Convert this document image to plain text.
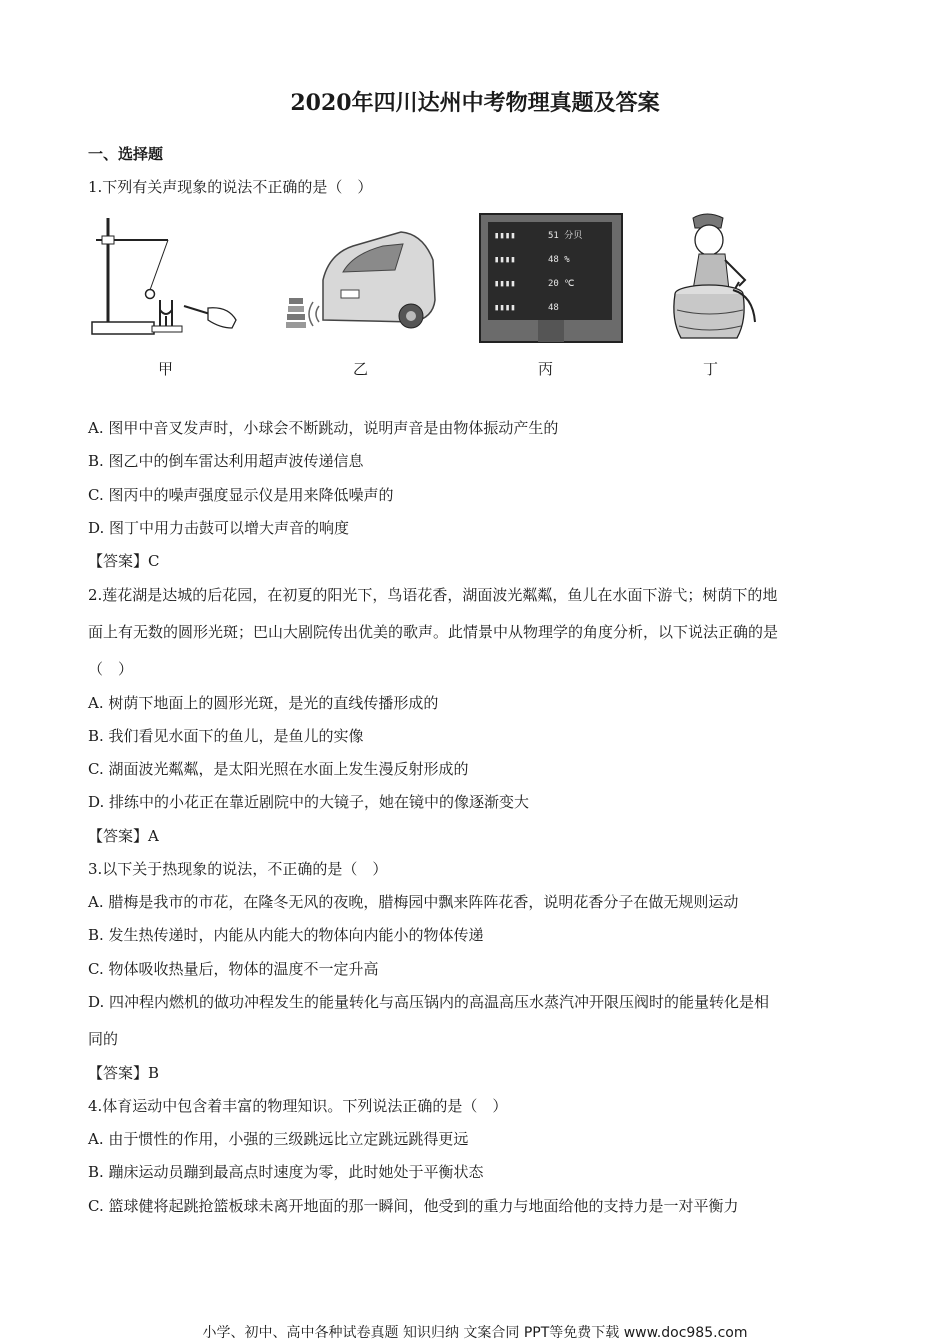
2020年四川达州中考物理真题及答案
一、选择题
1.下列有关声现象的说法不正确的是（　）
甲	乙
▮▮▮▮
▮▮▮▮
▮▮▮▮
▮▮▮▮
51 分贝
48 %
20 ℃
48
丙	丁
A. 图甲中音叉发声时，小球会不断跳动，说明声音是由物体振动产生的
B. 图乙中的倒车雷达利用超声波传递信息
C. 图丙中的噪声强度显示仪是用来降低噪声的
D. 图丁中用力击鼓可以增大声音的响度
【答案】C
2.莲花湖是达城的后花园，在初夏的阳光下，鸟语花香，湖面波光粼粼，鱼儿在水面下游弋；树荫下的地
面上有无数的圆形光斑；巴山大剧院传出优美的歌声。此情景中从物理学的角度分析，以下说法正确的是
（　）
A. 树荫下地面上的圆形光斑，是光的直线传播形成的
B. 我们看见水面下的鱼儿，是鱼儿的实像
C. 湖面波光粼粼，是太阳光照在水面上发生漫反射形成的
D. 排练中的小花正在靠近剧院中的大镜子，她在镜中的像逐渐变大
【答案】A
3.以下关于热现象的说法，不正确的是（　）
A. 腊梅是我市的市花，在隆冬无风的夜晚，腊梅园中飘来阵阵花香，说明花香分子在做无规则运动
B. 发生热传递时，内能从内能大的物体向内能小的物体传递
C. 物体吸收热量后，物体的温度不一定升高
D. 四冲程内燃机的做功冲程发生的能量转化与高压锅内的高温高压水蒸汽冲开限压阀时的能量转化是相
同的
【答案】B
4.体育运动中包含着丰富的物理知识。下列说法正确的是（　）
A. 由于惯性的作用，小强的三级跳远比立定跳远跳得更远
B. 蹦床运动员蹦到最高点时速度为零，此时她处于平衡状态
C. 篮球健将起跳抢篮板球未离开地面的那一瞬间，他受到的重力与地面给他的支持力是一对平衡力
小学、初中、高中各种试卷真题 知识归纳 文案合同 PPT等免费下载 www.doc985.com
